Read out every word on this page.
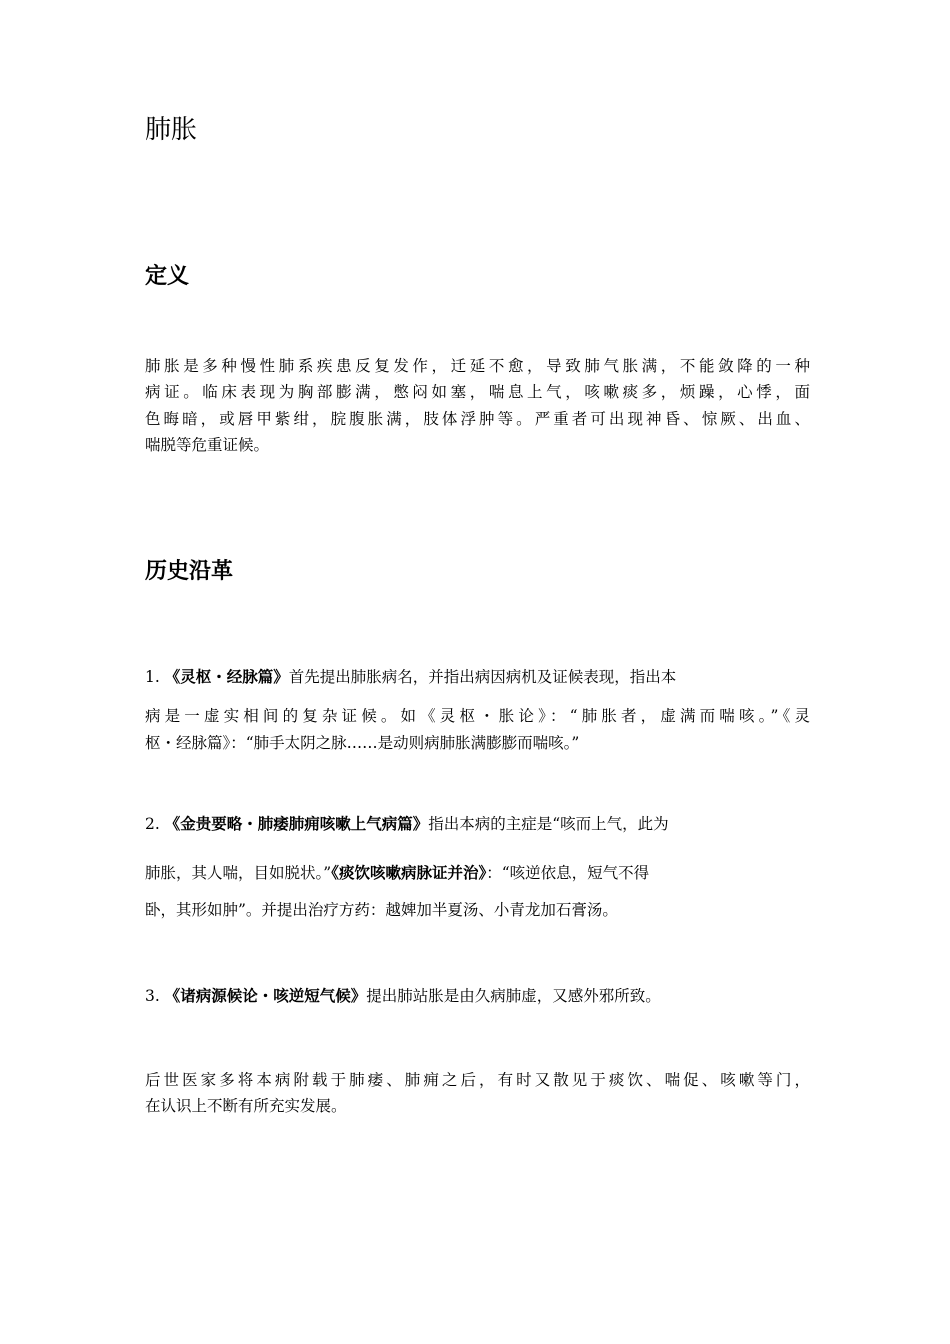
肺胀
定义

肺胀是多种慢性肺系疾患反复发作，迁延不愈，导致肺气胀满，不能敛降的一种

病证。临床表现为胸部膨满，憋闷如塞，喘息上气，咳嗽痰多，烦躁，心悸，面

色晦暗，或唇甲紫绀，脘腹胀满，肢体浮肿等。严重者可出现神昏、惊厥、出血、

喘脱等危重证候。

历史沿革

1. 《灵枢・经脉篇》首先提出肺胀病名，并指出病因病机及证候表现，指出本

病是一虚实相间的复杂证候。如《灵枢・胀论》：“肺胀者，虚满而喘咳。”《灵

枢・经脉篇》：“肺手太阴之脉……是动则病肺胀满膨膨而喘咳。”

2. 《金贵要略・肺痿肺痈咳嗽上气病篇》指出本病的主症是“咳而上气，此为

肺胀，其人喘，目如脱状。”《痰饮咳嗽病脉证并治》：“咳逆依息，短气不得

卧，其形如肿”。并提出治疗方药：越婢加半夏汤、小青龙加石膏汤。

3. 《诸病源候论・咳逆短气候》提出肺站胀是由久病肺虚，又感外邪所致。

后世医家多将本病附载于肺痿、肺痈之后，有时又散见于痰饮、喘促、咳嗽等门，

在认识上不断有所充实发展。
